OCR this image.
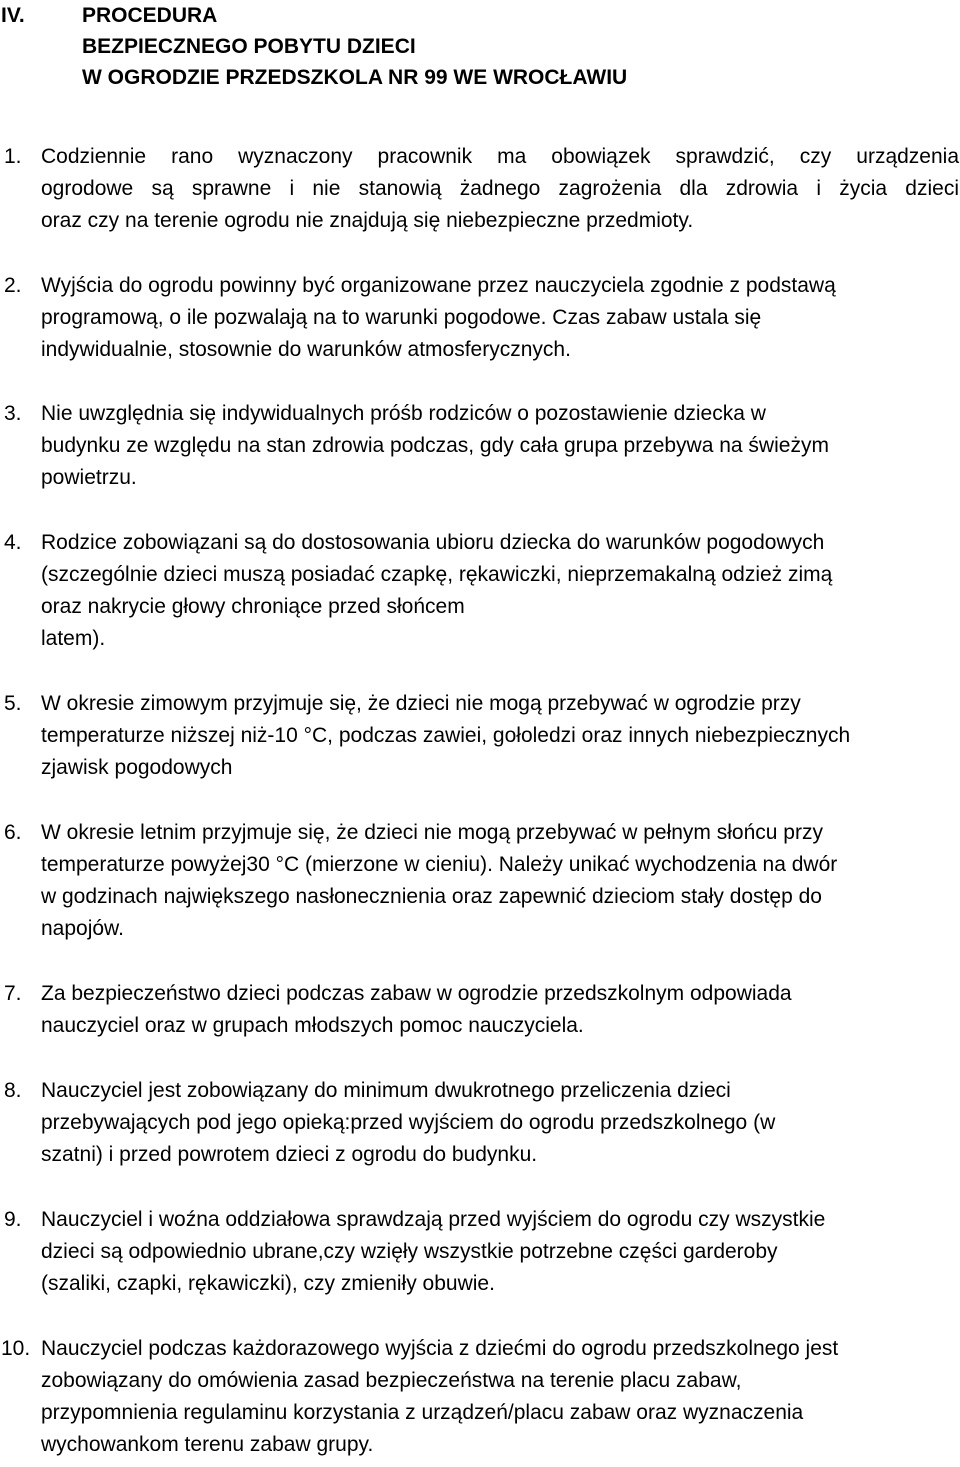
IV.	PROCEDURA
BEZPIECZNEGO POBYTU DZIECI
W OGRODZIE PRZEDSZKOLA NR 99 WE WROCŁAWIU
1. Codziennie rano wyznaczony pracownik ma obowiązek sprawdzić, czy urządzenia
ogrodowe są sprawne i nie stanowią żadnego zagrożenia dla zdrowia i życia dzieci
oraz czy na terenie ogrodu nie znajdują się niebezpieczne przedmioty.
2. Wyjścia do ogrodu powinny być organizowane przez nauczyciela zgodnie z podstawą
programową, o ile pozwalają na to warunki pogodowe. Czas zabaw ustala się
indywidualnie, stosownie do warunków atmosferycznych.
3. Nie uwzględnia się indywidualnych próśb rodziców o pozostawienie dziecka w
budynku ze względu na stan zdrowia podczas, gdy cała grupa przebywa na świeżym
powietrzu.
4. Rodzice zobowiązani są do dostosowania ubioru dziecka do warunków pogodowych
(szczególnie dzieci muszą posiadać czapkę, rękawiczki, nieprzemakalną odzież zimą
oraz nakrycie głowy chroniące przed słońcem
latem).
5. W okresie zimowym przyjmuje się, że dzieci nie mogą przebywać w ogrodzie przy
temperaturze niższej niż-10 °C, podczas zawiei, gołoledzi oraz innych niebezpiecznych
zjawisk pogodowych
6. W okresie letnim przyjmuje się, że dzieci nie mogą przebywać w pełnym słońcu przy
temperaturze powyżej30 °C (mierzone w cieniu). Należy unikać wychodzenia na dwór
w godzinach największego nasłonecznienia oraz zapewnić dzieciom stały dostęp do
napojów.
7. Za bezpieczeństwo dzieci podczas zabaw w ogrodzie przedszkolnym odpowiada
nauczyciel oraz w grupach młodszych pomoc nauczyciela.
8. Nauczyciel jest zobowiązany do minimum dwukrotnego przeliczenia dzieci
przebywających pod jego opieką:przed wyjściem do ogrodu przedszkolnego (w
szatni) i przed powrotem dzieci z ogrodu do budynku.
9. Nauczyciel i woźna oddziałowa sprawdzają przed wyjściem do ogrodu czy wszystkie
dzieci są odpowiednio ubrane,czy wzięły wszystkie potrzebne części garderoby
(szaliki, czapki, rękawiczki), czy zmieniły obuwie.
10. Nauczyciel podczas każdorazowego wyjścia z dziećmi do ogrodu przedszkolnego jest
zobowiązany do omówienia zasad bezpieczeństwa na terenie placu zabaw,
przypomnienia regulaminu korzystania z urządzeń/placu zabaw oraz wyznaczenia
wychowankom terenu zabaw grupy.
